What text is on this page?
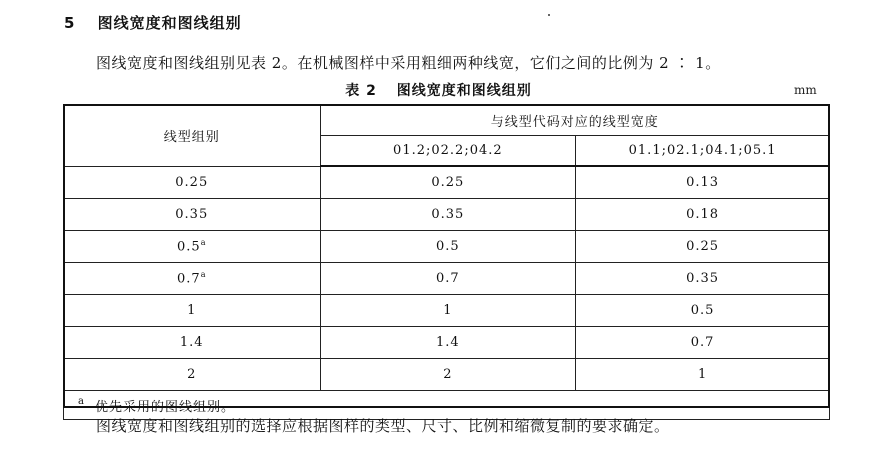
5 图线宽度和图线组别
图线宽度和图线组别见表 2。在机械图样中采用粗细两种线宽，它们之间的比例为 2 ∶ 1。
表 2 图线宽度和图线组别	mm
线型组别	与线型代码对应的线型宽度	
	01.2;02.2;04.2	01.1;02.1;04.1;05.1
0.25	0.25	0.13
0.35	0.35	0.18
0.5$^a$	0.5	0.25
0.7$^a$	0.7	0.35
1	1	0.5
1.4	1.4	0.7
2	2	1
$^a$ 优先采用的图线组别。		
图线宽度和图线组别的选择应根据图样的类型、尺寸、比例和缩微复制的要求确定。
